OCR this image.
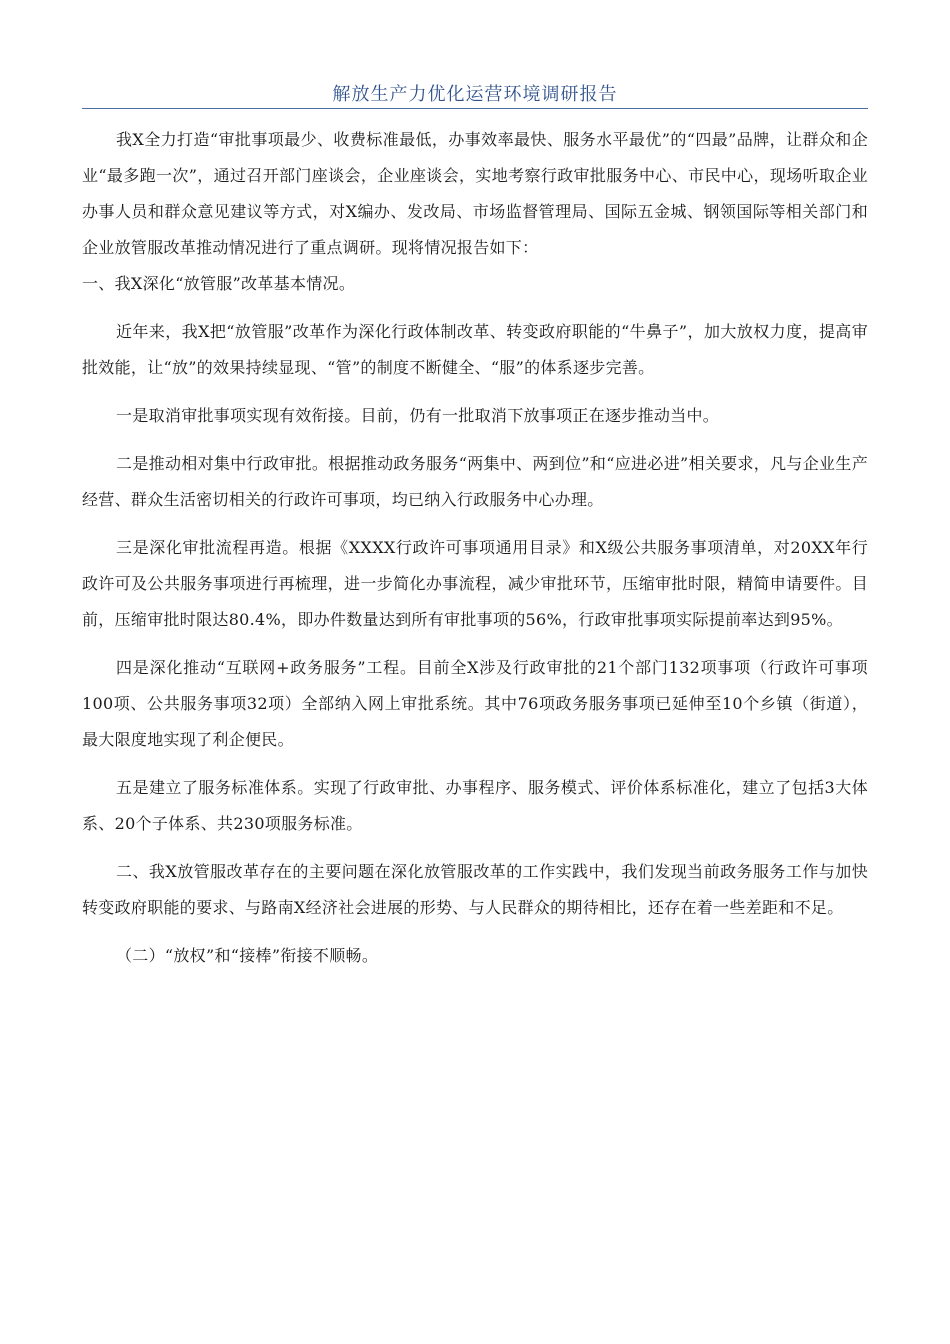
解放生产力优化运营环境调研报告

我X全力打造“审批事项最少、收费标准最低，办事效率最快、服务水平最优”的“四最”品牌，让群众和企业“最多跑一次”，通过召开部门座谈会，企业座谈会，实地考察行政审批服务中心、市民中心，现场听取企业办事人员和群众意见建议等方式，对X编办、发改局、市场监督管理局、国际五金城、钢领国际等相关部门和企业放管服改革推动情况进行了重点调研。现将情况报告如下：

一、我X深化“放管服”改革基本情况。

近年来，我X把“放管服”改革作为深化行政体制改革、转变政府职能的“牛鼻子”，加大放权力度，提高审批效能，让“放”的效果持续显现、“管”的制度不断健全、“服”的体系逐步完善。

一是取消审批事项实现有效衔接。目前，仍有一批取消下放事项正在逐步推动当中。

二是推动相对集中行政审批。根据推动政务服务“两集中、两到位”和“应进必进”相关要求，凡与企业生产经营、群众生活密切相关的行政许可事项，均已纳入行政服务中心办理。

三是深化审批流程再造。根据《XXXX行政许可事项通用目录》和X级公共服务事项清单，对20XX年行政许可及公共服务事项进行再梳理，进一步简化办事流程，减少审批环节，压缩审批时限，精简申请要件。目前，压缩审批时限达80.4%，即办件数量达到所有审批事项的56%，行政审批事项实际提前率达到95%。

四是深化推动“互联网+政务服务”工程。目前全X涉及行政审批的21个部门132项事项（行政许可事项100项、公共服务事项32项）全部纳入网上审批系统。其中76项政务服务事项已延伸至10个乡镇（街道），最大限度地实现了利企便民。

五是建立了服务标准体系。实现了行政审批、办事程序、服务模式、评价体系标准化，建立了包括3大体系、20个子体系、共230项服务标准。

二、我X放管服改革存在的主要问题在深化放管服改革的工作实践中，我们发现当前政务服务工作与加快转变政府职能的要求、与路南X经济社会进展的形势、与人民群众的期待相比，还存在着一些差距和不足。

（二）“放权”和“接棒”衔接不顺畅。
